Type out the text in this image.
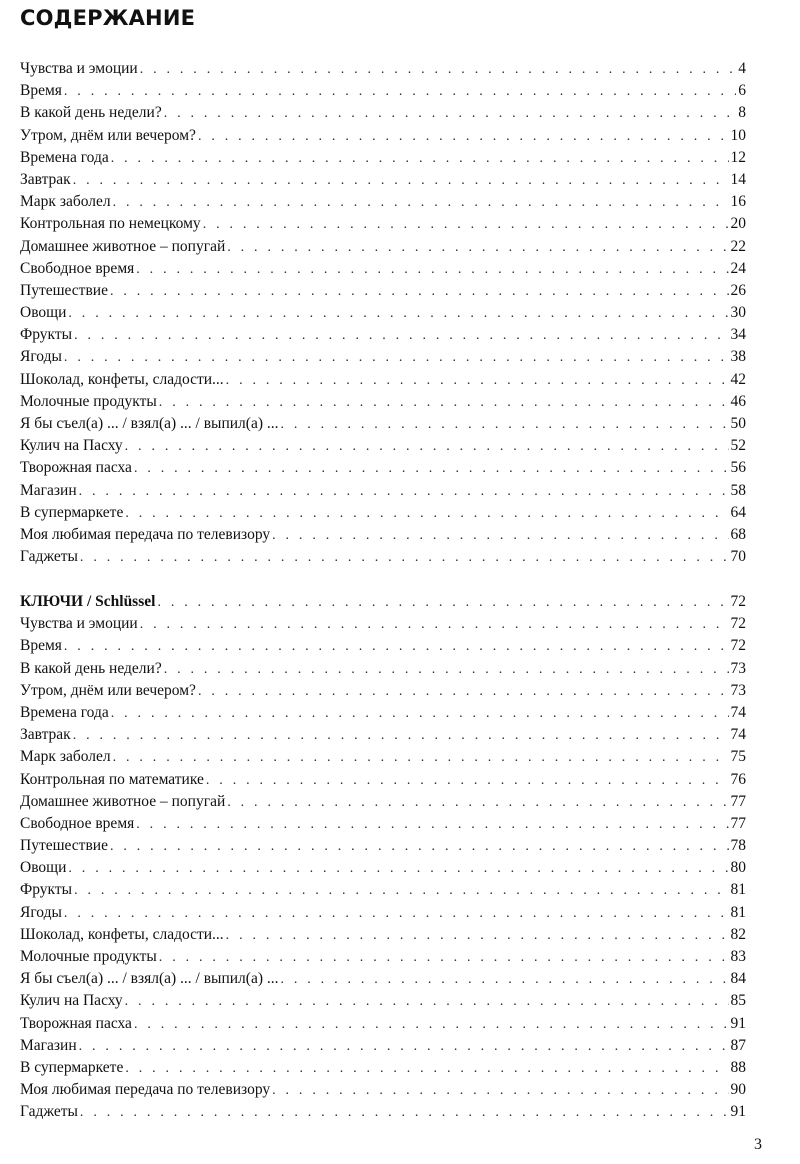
СОДЕРЖАНИЕ
Чувства и эмоции . . .	4
Время . . .	6
В какой день недели? . . .	8
Утром, днём или вечером? . . .	10
Времена года . . .	12
Завтрак . . .	14
Марк заболел . . .	16
Контрольная по немецкому . . .	20
Домашнее животное – попугай . . .	22
Свободное время . . .	24
Путешествие . . .	26
Овощи . . .	30
Фрукты . . .	34
Ягоды . . .	38
Шоколад, конфеты, сладости... . . .	42
Молочные продукты . . .	46
Я бы съел(а) ... / взял(а) ... / выпил(а) ... . . .	50
Кулич на Пасху . . .	52
Творожная пасха . . .	56
Магазин . . .	58
В супермаркете . . .	64
Моя любимая передача по телевизору . . .	68
Гаджеты . . .	70
КЛЮЧИ / Schlüssel . . .	72
Чувства и эмоции . . .	72
Время . . .	72
В какой день недели? . . .	73
Утром, днём или вечером? . . .	73
Времена года . . .	74
Завтрак . . .	74
Марк заболел . . .	75
Контрольная по математике . . .	76
Домашнее животное – попугай . . .	77
Свободное время . . .	77
Путешествие . . .	78
Овощи . . .	80
Фрукты . . .	81
Ягоды . . .	81
Шоколад, конфеты, сладости... . . .	82
Молочные продукты . . .	83
Я бы съел(а) ... / взял(а) ... / выпил(а) ... . . .	84
Кулич на Пасху . . .	85
Творожная пасха . . .	91
Магазин . . .	87
В супермаркете . . .	88
Моя любимая передача по телевизору . . .	90
Гаджеты . . .	91
3
